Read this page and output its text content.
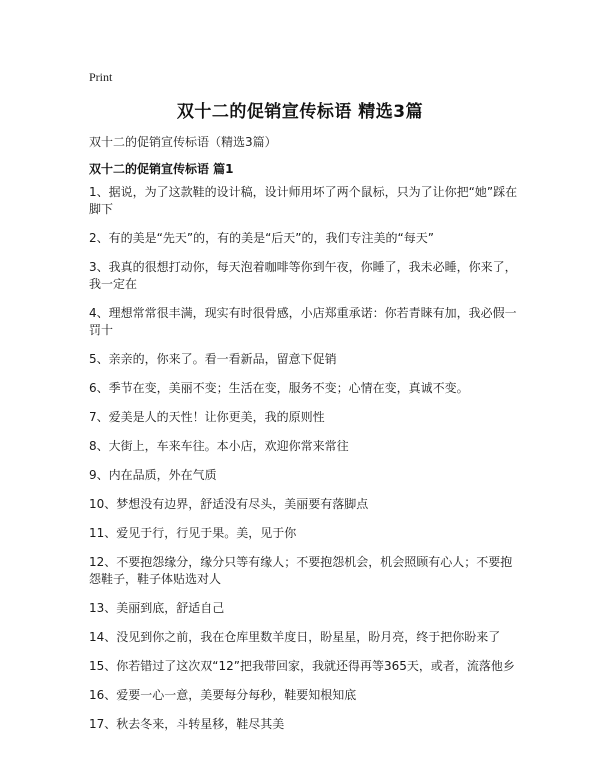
Print
双十二的促销宣传标语 精选3篇
双十二的促销宣传标语（精选3篇）
双十二的促销宣传标语 篇1
1、据说，为了这款鞋的设计稿，设计师用坏了两个鼠标，只为了让你把“她”踩在脚下
2、有的美是“先天”的，有的美是“后天”的，我们专注美的“每天”
3、我真的很想打动你，每天泡着咖啡等你到午夜，你睡了，我未必睡，你来了，我一定在
4、理想常常很丰满，现实有时很骨感，小店郑重承诺：你若青睐有加，我必假一罚十
5、亲亲的，你来了。看一看新品，留意下促销
6、季节在变，美丽不变；生活在变，服务不变；心情在变，真诚不变。
7、爱美是人的天性！让你更美，我的原则性
8、大街上，车来车往。本小店，欢迎你常来常往
9、内在品质，外在气质
10、梦想没有边界，舒适没有尽头，美丽要有落脚点
11、爱见于行，行见于果。美，见于你
12、不要抱怨缘分，缘分只等有缘人；不要抱怨机会，机会照顾有心人；不要抱怨鞋子，鞋子体贴选对人
13、美丽到底，舒适自己
14、没见到你之前，我在仓库里数羊度日，盼星星，盼月亮，终于把你盼来了
15、你若错过了这次双“12”把我带回家，我就还得再等365天，或者，流落他乡
16、爱要一心一意，美要每分每秒，鞋要知根知底
17、秋去冬来，斗转星移，鞋尽其美
